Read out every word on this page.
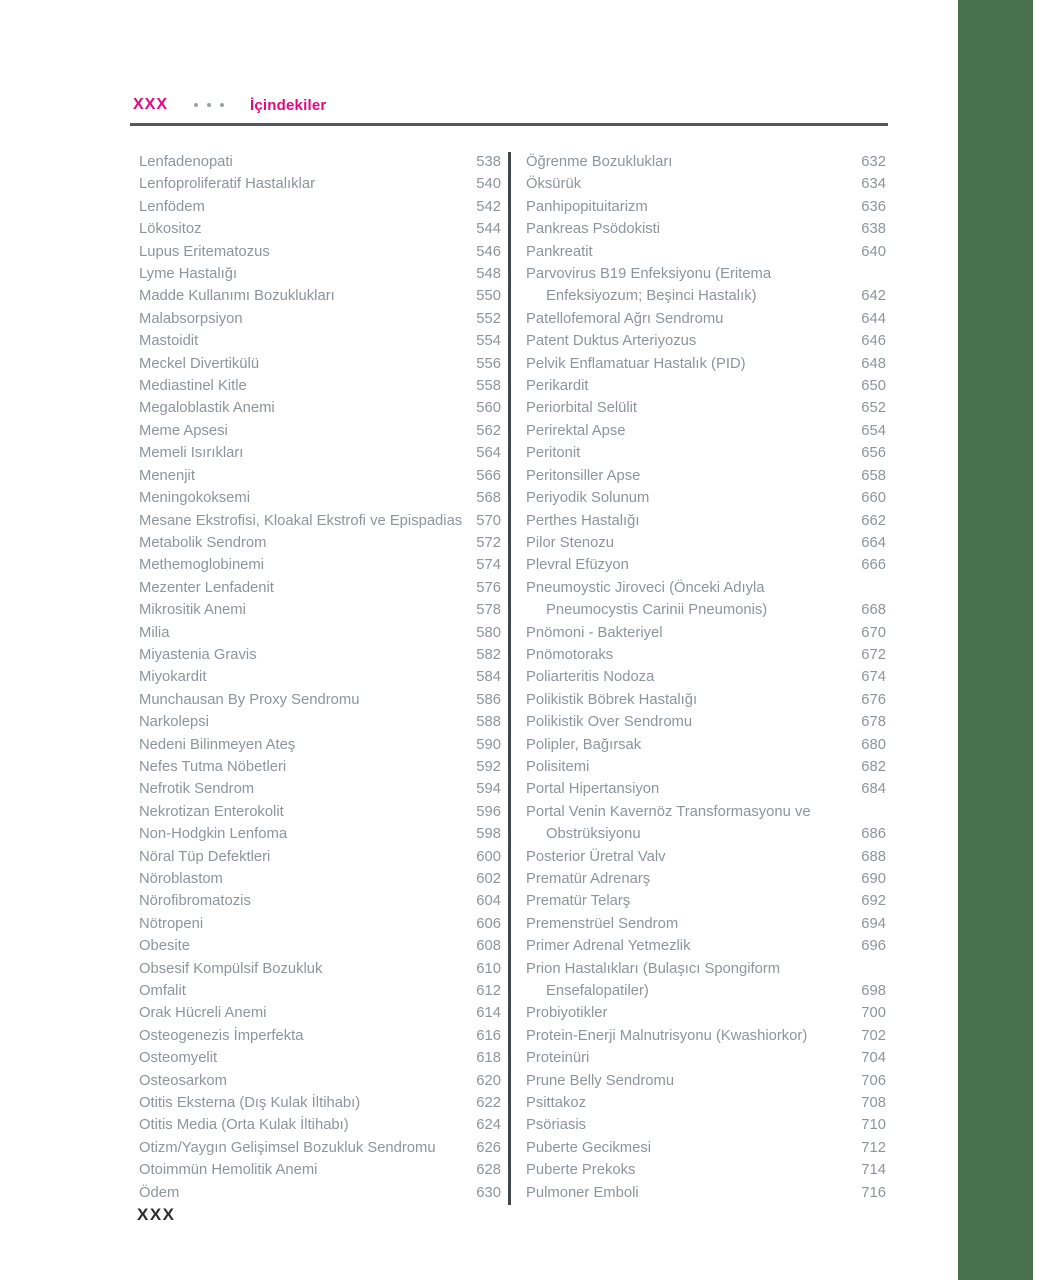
XXX	İçindekiler
Lenfadenopati	538
Lenfoproliferatif Hastalıklar	540
Lenfödem	542
Lökositoz	544
Lupus Eritematozus	546
Lyme Hastalığı	548
Madde Kullanımı Bozuklukları	550
Malabsorpsiyon	552
Mastoidit	554
Meckel Divertikülü	556
Mediastinel Kitle	558
Megaloblastik Anemi	560
Meme Apsesi	562
Memeli Isırıkları	564
Menenjit	566
Meningokoksemi	568
Mesane Ekstrofisi, Kloakal Ekstrofi ve Epispadias 570
Metabolik Sendrom	572
Methemoglobinemi	574
Mezenter Lenfadenit	576
Mikrositik Anemi	578
Milia	580
Miyastenia Gravis	582
Miyokardit	584
Munchausan By Proxy Sendromu	586
Narkolepsi	588
Nedeni Bilinmeyen Ateş	590
Nefes Tutma Nöbetleri	592
Nefrotik Sendrom	594
Nekrotizan Enterokolit	596
Non-Hodgkin Lenfoma	598
Nöral Tüp Defektleri	600
Nöroblastom	602
Nörofibromatozis	604
Nötropeni	606
Obesite	608
Obsesif Kompülsif Bozukluk	610
Omfalit	612
Orak Hücreli Anemi	614
Osteogenezis İmperfekta	616
Osteomyelit	618
Osteosarkom	620
Otitis Eksterna (Dış Kulak İltihabı)	622
Otitis Media (Orta Kulak İltihabı)	624
Otizm/Yaygın Gelişimsel Bozukluk Sendromu	626
Otoimmün Hemolitik Anemi	628
Ödem	630
Öğrenme Bozuklukları	632
Öksürük	634
Panhipopituitarizm	636
Pankreas Psödokisti	638
Pankreatit	640
Parvovirus B19 Enfeksiyonu (Eritema
Enfeksiyozum; Beşinci Hastalık)	642
Patellofemoral Ağrı Sendromu	644
Patent Duktus Arteriyozus	646
Pelvik Enflamatuar Hastalık (PID)	648
Perikardit	650
Periorbital Selülit	652
Perirektal Apse	654
Peritonit	656
Peritonsiller Apse	658
Periyodik Solunum	660
Perthes Hastalığı	662
Pilor Stenozu	664
Plevral Efüzyon	666
Pneumoystic Jiroveci (Önceki Adıyla
Pneumocystis Carinii Pneumonis)	668
Pnömoni - Bakteriyel	670
Pnömotoraks	672
Poliarteritis Nodoza	674
Polikistik Böbrek Hastalığı	676
Polikistik Over Sendromu	678
Polipler, Bağırsak	680
Polisitemi	682
Portal Hipertansiyon	684
Portal Venin Kavernöz Transformasyonu ve
Obstrüksiyonu	686
Posterior Üretral Valv	688
Prematür Adrenarş	690
Prematür Telarş	692
Premenstrüel Sendrom	694
Primer Adrenal Yetmezlik	696
Prion Hastalıkları (Bulaşıcı Spongiform
Ensefalopatiler)	698
Probiyotikler	700
Protein-Enerji Malnutrisyonu (Kwashiorkor)	702
Proteinüri	704
Prune Belly Sendromu	706
Psittakoz	708
Psöriasis	710
Puberte Gecikmesi	712
Puberte Prekoks	714
Pulmoner Emboli	716
XXX
